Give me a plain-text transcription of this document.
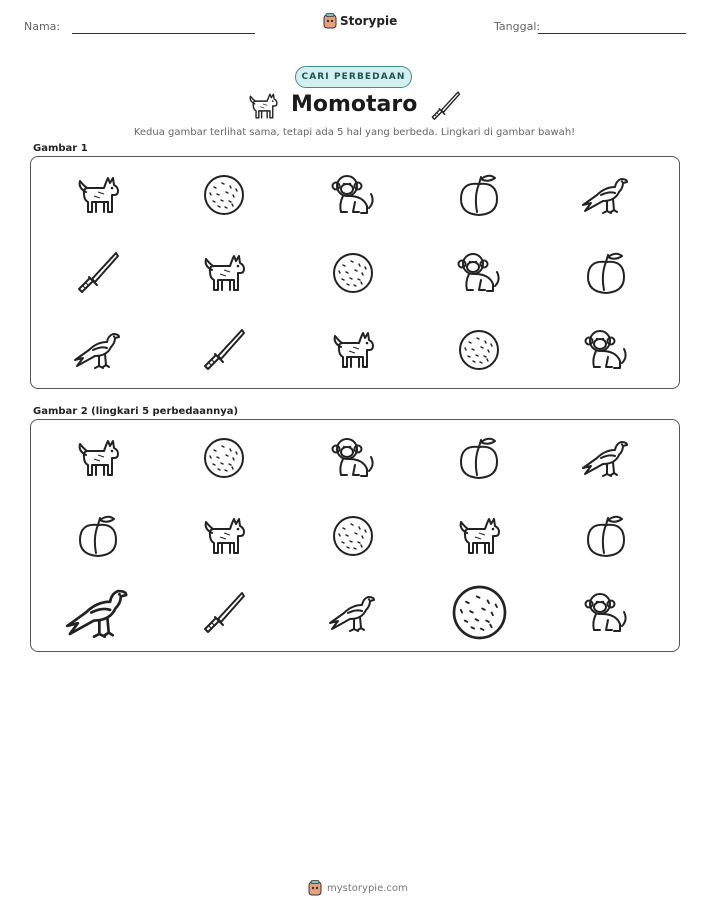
Nama:	Storypie	Tanggal:
CARI PERBEDAAN
Momotaro
Kedua gambar terlihat sama, tetapi ada 5 hal yang berbeda. Lingkari di gambar bawah!
Gambar 1
Gambar 2 (lingkari 5 perbedaannya)
mystorypie.com
